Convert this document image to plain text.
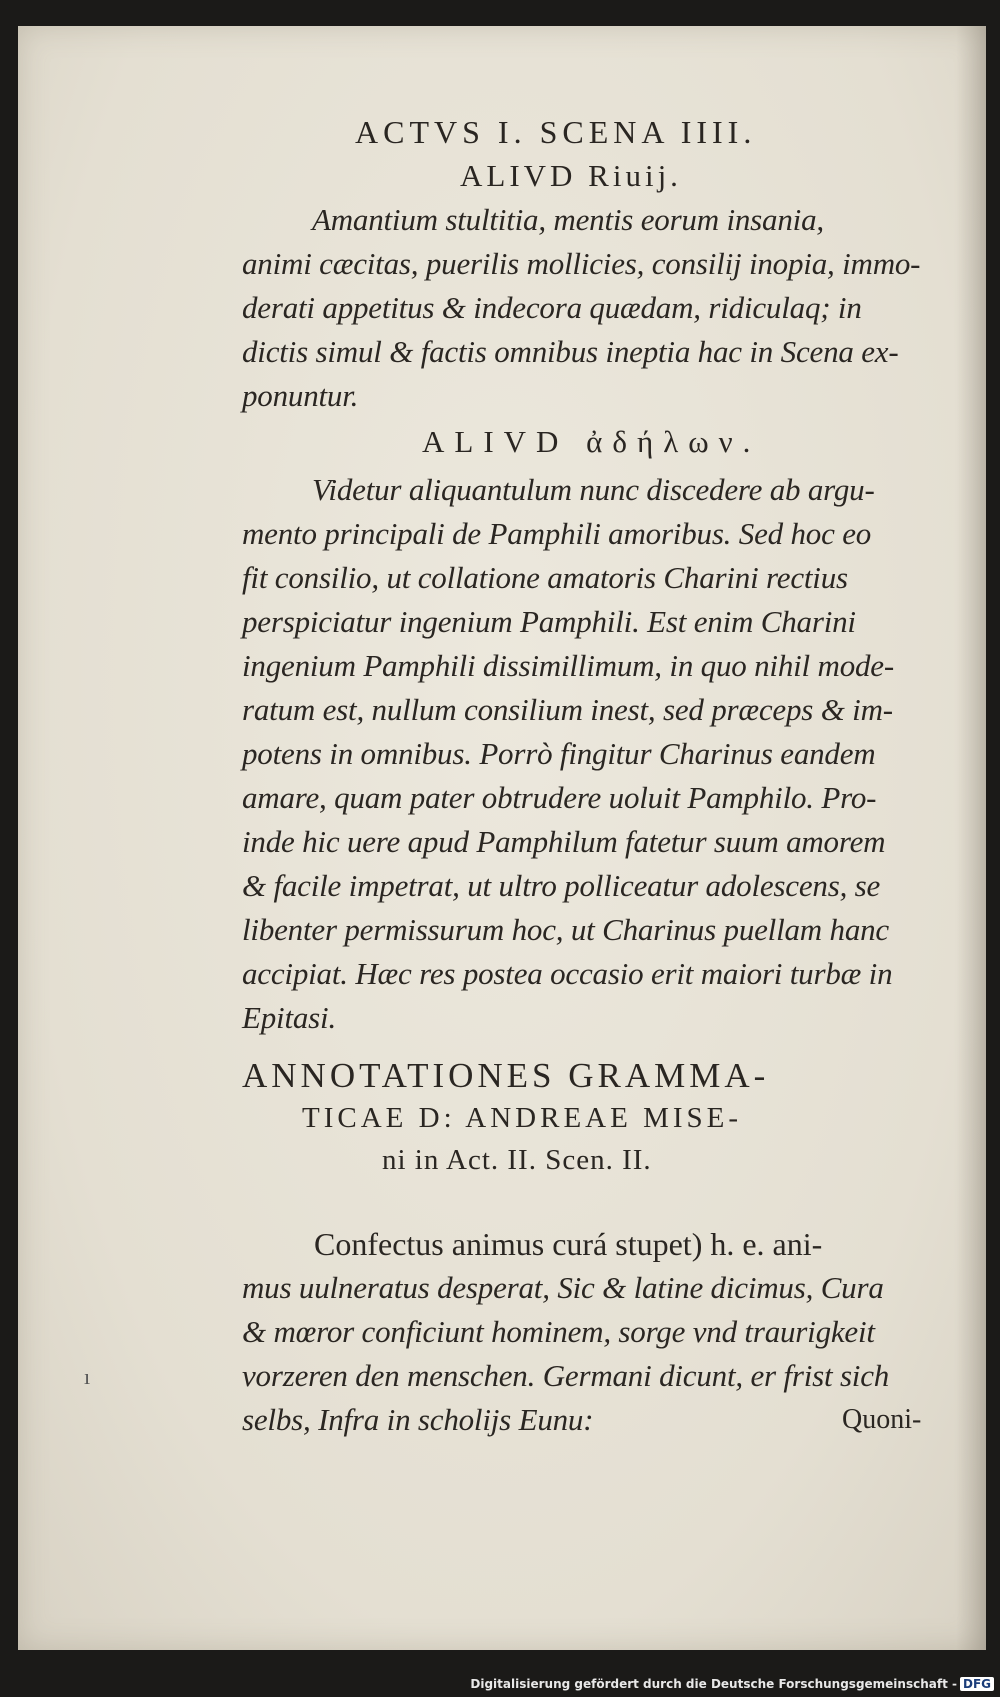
ACTVS I. SCENA IIII.
ALIVD Riuij.
Amantium stultitia, mentis eorum insania,
animi cæcitas, puerilis mollicies, consilij inopia, immo-
derati appetitus & indecora quædam, ridiculaq; in
dictis simul & factis omnibus ineptia hac in Scena ex-
ponuntur.
ALIVD ἀδήλων.
Videtur aliquantulum nunc discedere ab argu-
mento principali de Pamphili amoribus. Sed hoc eo
fit consilio, ut collatione amatoris Charini rectius
perspiciatur ingenium Pamphili. Est enim Charini
ingenium Pamphili dissimillimum, in quo nihil mode-
ratum est, nullum consilium inest, sed præceps & im-
potens in omnibus. Porrò fingitur Charinus eandem
amare, quam pater obtrudere uoluit Pamphilo. Pro-
inde hic uere apud Pamphilum fatetur suum amorem
& facile impetrat, ut ultro polliceatur adolescens, se
libenter permissurum hoc, ut Charinus puellam hanc
accipiat. Hæc res postea occasio erit maiori turbæ in
Epitasi.
ANNOTATIONES GRAMMA-
TICAE D: ANDREAE MISE-
ni in Act. II. Scen. II.
Confectus animus curá stupet) h. e. ani-
mus uulneratus desperat, Sic & latine dicimus, Cura
& mœror conficiunt hominem, sorge vnd traurigkeit
vorzeren den menschen. Germani dicunt, er frist sich
selbs, Infra in scholijs Eunu:	Quoni-
ı
Digitalisierung gefördert durch die Deutsche Forschungsgemeinschaft - DFG
